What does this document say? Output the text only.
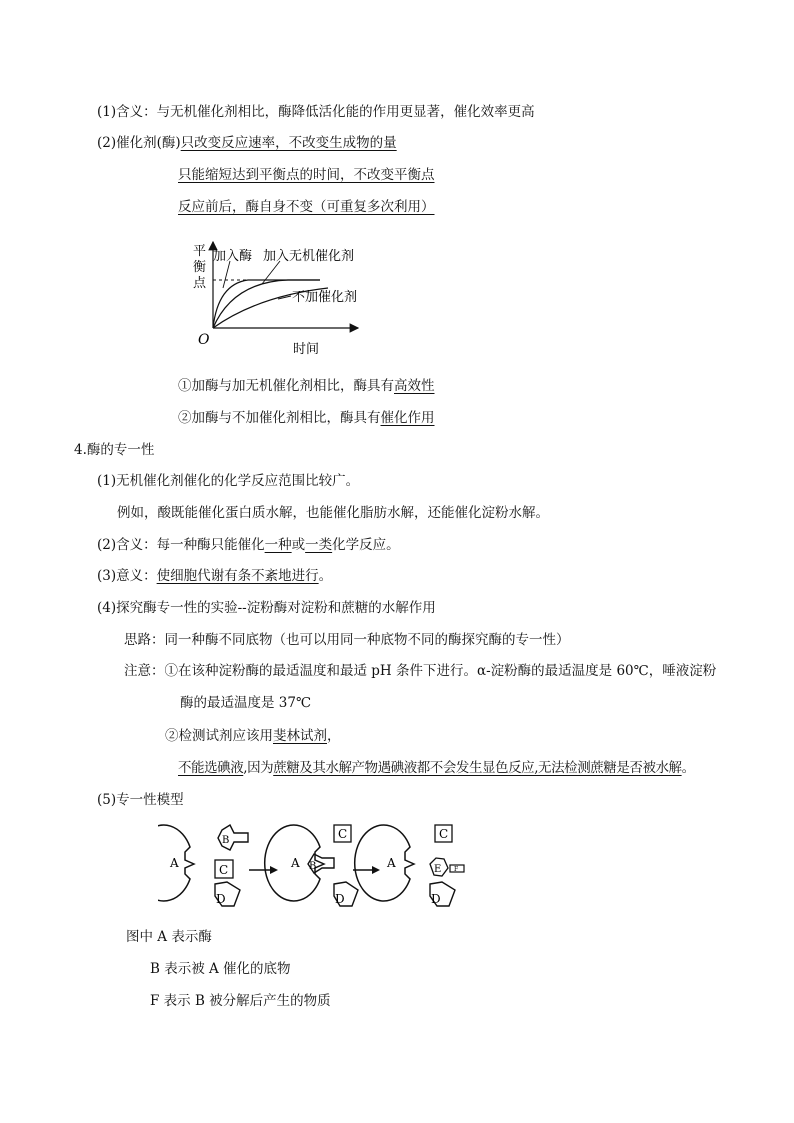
(1)含义：与无机催化剂相比，酶降低活化能的作用更显著，催化效率更高
(2)催化剂(酶)只改变反应速率，不改变生成物的量
只能缩短达到平衡点的时间，不改变平衡点
反应前后，酶自身不变（可重复多次利用）
平
衡
点
O
时间
加入酶 加入无机催化剂
不加催化剂
①加酶与加无机催化剂相比，酶具有高效性
②加酶与不加催化剂相比，酶具有催化作用
4.酶的专一性
(1)无机催化剂催化的化学反应范围比较广。
例如，酸既能催化蛋白质水解，也能催化脂肪水解，还能催化淀粉水解。
(2)含义：每一种酶只能催化一种或一类化学反应。
(3)意义：使细胞代谢有条不紊地进行。
(4)探究酶专一性的实验--淀粉酶对淀粉和蔗糖的水解作用
思路：同一种酶不同底物（也可以用同一种底物不同的酶探究酶的专一性）
注意：①在该种淀粉酶的最适温度和最适 pH 条件下进行。α-淀粉酶的最适温度是 60℃，唾液淀粉
酶的最适温度是 37℃
②检测试剂应该用斐林试剂，
不能选碘液,因为蔗糖及其水解产物遇碘液都不会发生显色反应,无法检测蔗糖是否被水解。
(5)专一性模型
A
B
C
D
A B
C
D
A
C
E F
D
图中 A 表示酶
B 表示被 A 催化的底物
F 表示 B 被分解后产生的物质
